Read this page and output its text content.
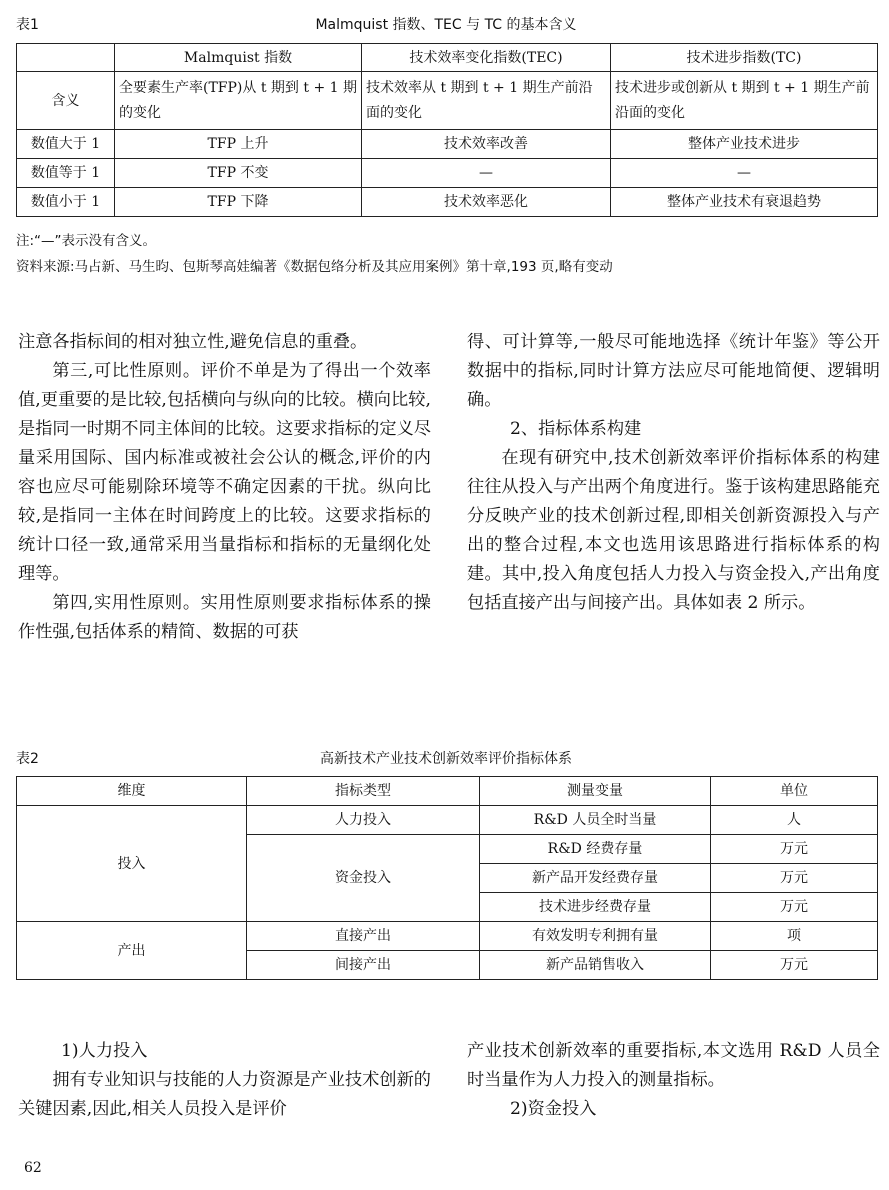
表1	Malmquist 指数、TEC 与 TC 的基本含义
	Malmquist 指数	技术效率变化指数(TEC)	技术进步指数(TC)
含义	全要素生产率(TFP)从 t 期到 t + 1 期的变化	技术效率从 t 期到 t + 1 期生产前沿面的变化	技术进步或创新从 t 期到 t + 1 期生产前沿面的变化
数值大于 1	TFP 上升	技术效率改善	整体产业技术进步
数值等于 1	TFP 不变	—	—
数值小于 1	TFP 下降	技术效率恶化	整体产业技术有衰退趋势
注:“—”表示没有含义。
资料来源:马占新、马生昀、包斯琴高娃编著《数据包络分析及其应用案例》第十章,193 页,略有变动

注意各指标间的相对独立性,避免信息的重叠。

第三,可比性原则。评价不单是为了得出一个效率值,更重要的是比较,包括横向与纵向的比较。横向比较,是指同一时期不同主体间的比较。这要求指标的定义尽量采用国际、国内标准或被社会公认的概念,评价的内容也应尽可能剔除环境等不确定因素的干扰。纵向比较,是指同一主体在时间跨度上的比较。这要求指标的统计口径一致,通常采用当量指标和指标的无量纲化处理等。

第四,实用性原则。实用性原则要求指标体系的操作性强,包括体系的精简、数据的可获

得、可计算等,一般尽可能地选择《统计年鉴》等公开数据中的指标,同时计算方法应尽可能地简便、逻辑明确。

2、指标体系构建

在现有研究中,技术创新效率评价指标体系的构建往往从投入与产出两个角度进行。鉴于该构建思路能充分反映产业的技术创新过程,即相关创新资源投入与产出的整合过程,本文也选用该思路进行指标体系的构建。其中,投入角度包括人力投入与资金投入,产出角度包括直接产出与间接产出。具体如表 2 所示。

表2	高新技术产业技术创新效率评价指标体系
维度	指标类型	测量变量	单位
投入	人力投入	R&D 人员全时当量	人
	资金投入	R&D 经费存量	万元
		新产品开发经费存量	万元
		技术进步经费存量	万元
产出	直接产出	有效发明专利拥有量	项
	间接产出	新产品销售收入	万元

1)人力投入

拥有专业知识与技能的人力资源是产业技术创新的关键因素,因此,相关人员投入是评价

产业技术创新效率的重要指标,本文选用 R&D 人员全时当量作为人力投入的测量指标。

2)资金投入

62
